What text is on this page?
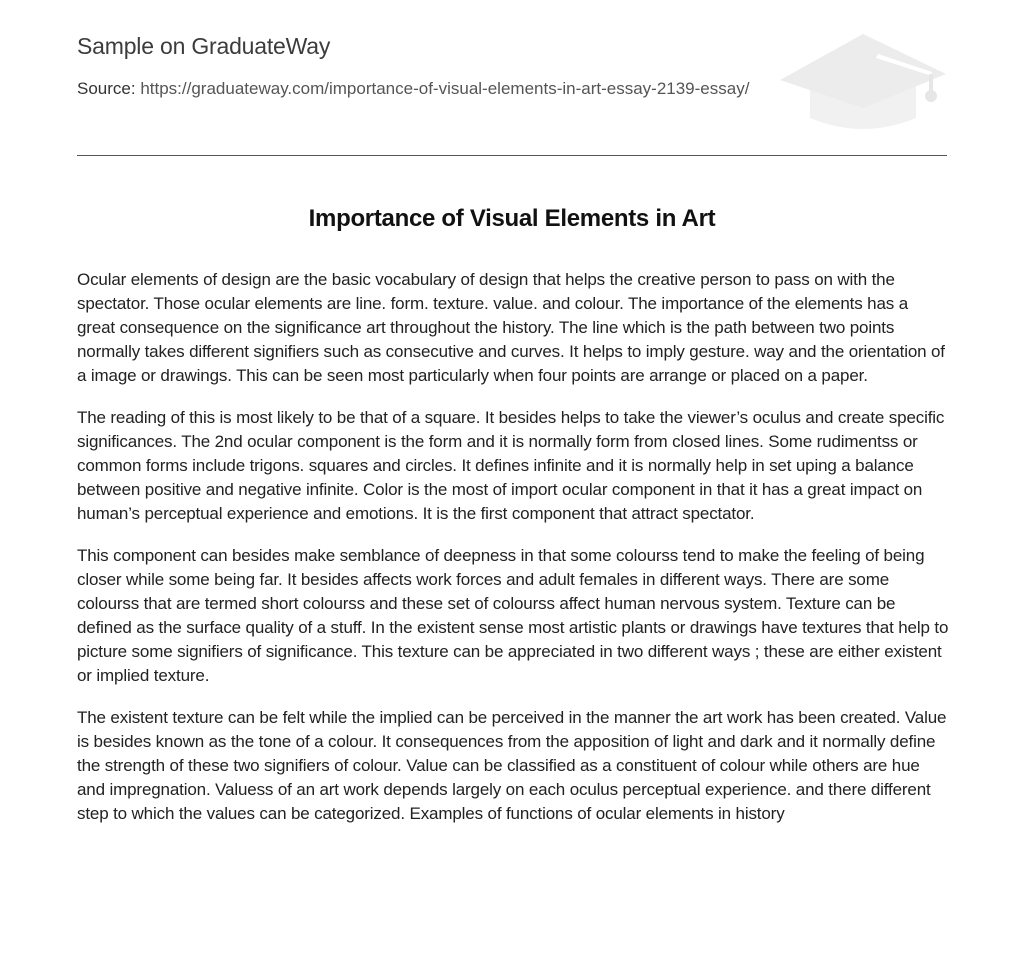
Sample on GraduateWay
Source: https://graduateway.com/importance-of-visual-elements-in-art-essay-2139-essay/
Importance of Visual Elements in Art

Ocular elements of design are the basic vocabulary of design that helps the creative person to pass on with the spectator. Those ocular elements are line. form. texture. value. and colour. The importance of the elements has a great consequence on the significance art throughout the history. The line which is the path between two points normally takes different signifiers such as consecutive and curves. It helps to imply gesture. way and the orientation of a image or drawings. This can be seen most particularly when four points are arrange or placed on a paper.

The reading of this is most likely to be that of a square. It besides helps to take the viewer’s oculus and create specific significances. The 2nd ocular component is the form and it is normally form from closed lines. Some rudimentss or common forms include trigons. squares and circles. It defines infinite and it is normally help in set uping a balance between positive and negative infinite. Color is the most of import ocular component in that it has a great impact on human’s perceptual experience and emotions. It is the first component that attract spectator.

This component can besides make semblance of deepness in that some colourss tend to make the feeling of being closer while some being far. It besides affects work forces and adult females in different ways. There are some colourss that are termed short colourss and these set of colourss affect human nervous system. Texture can be defined as the surface quality of a stuff. In the existent sense most artistic plants or drawings have textures that help to picture some signifiers of significance. This texture can be appreciated in two different ways ; these are either existent or implied texture.

The existent texture can be felt while the implied can be perceived in the manner the art work has been created. Value is besides known as the tone of a colour. It consequences from the apposition of light and dark and it normally define the strength of these two signifiers of colour. Value can be classified as a constituent of colour while others are hue and impregnation. Valuess of an art work depends largely on each oculus perceptual experience. and there different step to which the values can be categorized. Examples of functions of ocular elements in history
